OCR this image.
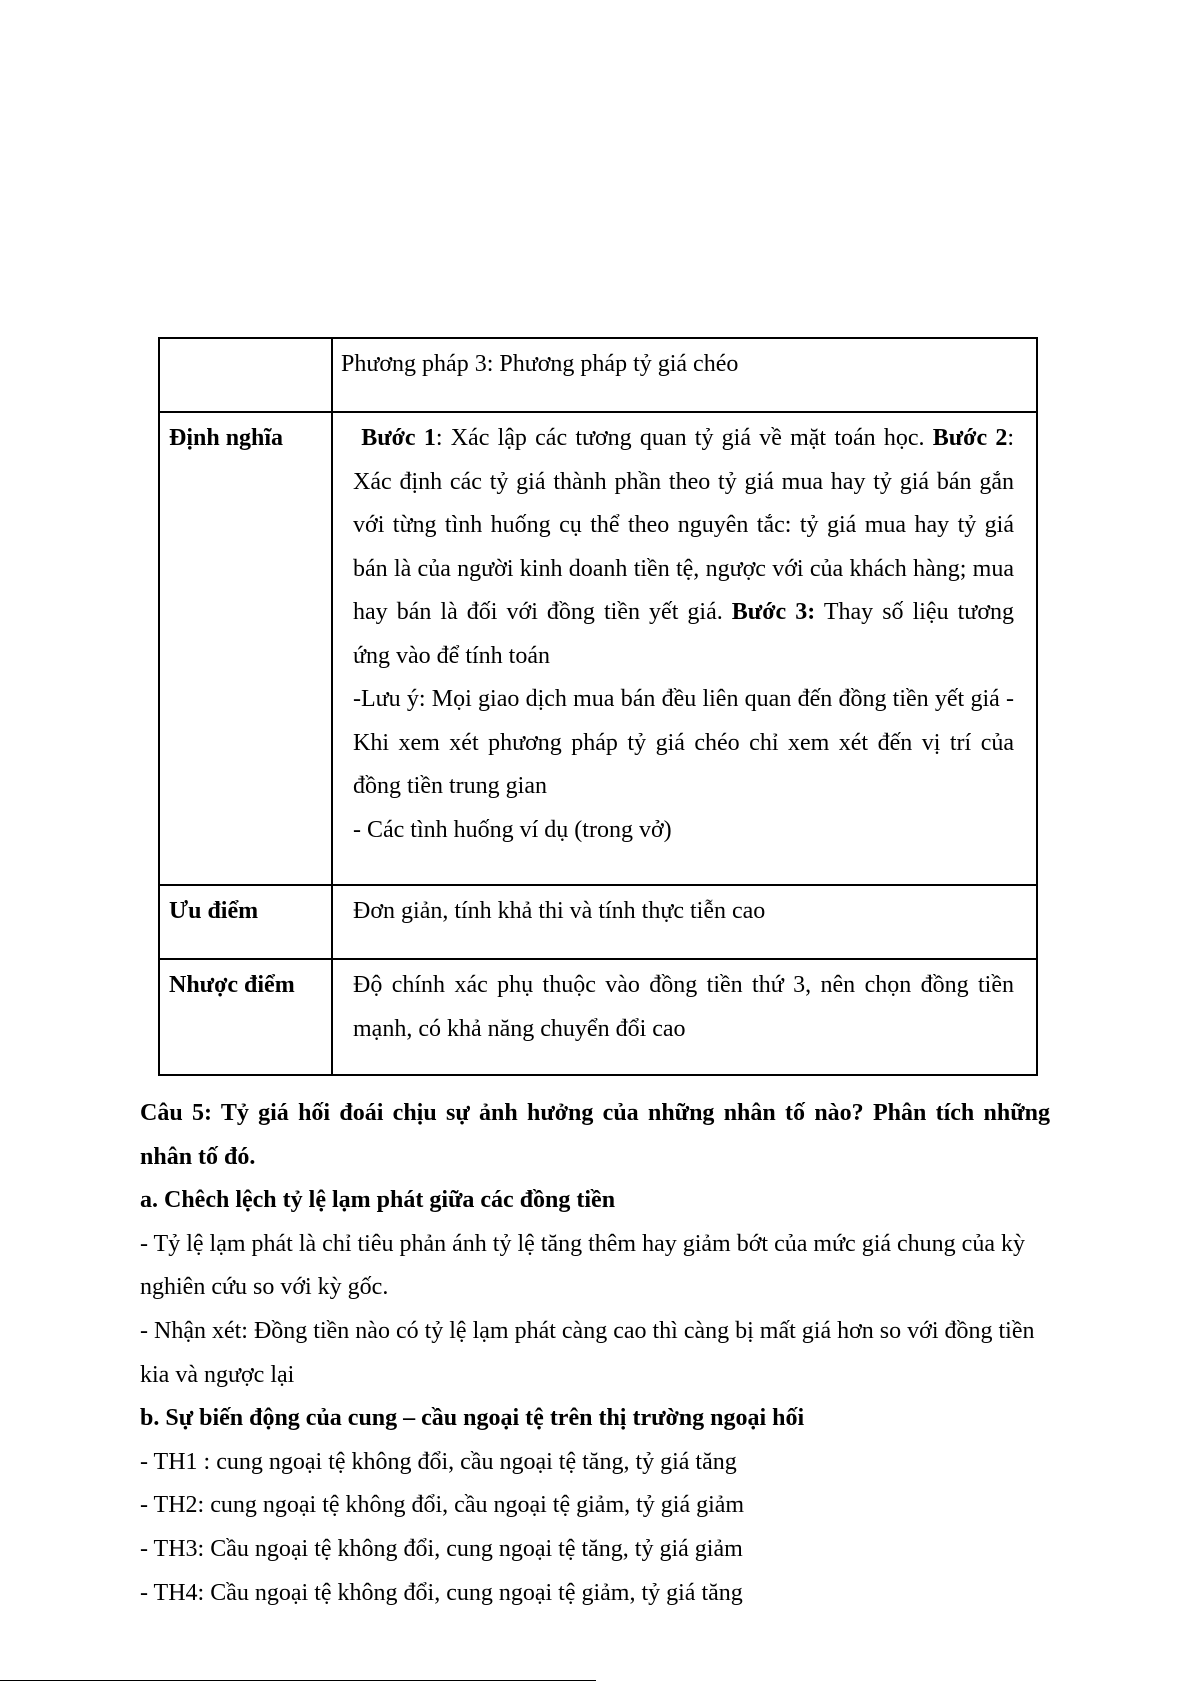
	Phương pháp 3: Phương pháp tỷ giá chéo
Định nghĩa	Bước 1: Xác lập các tương quan tỷ giá về mặt toán học. Bước 2: Xác định các tỷ giá thành phần theo tỷ giá mua hay tỷ giá bán gắn với từng tình huống cụ thể theo nguyên tắc: tỷ giá mua hay tỷ giá bán là của người kinh doanh tiền tệ, ngược với của khách hàng; mua hay bán là đối với đồng tiền yết giá. Bước 3: Thay số liệu tương ứng vào để tính toán

-Lưu ý: Mọi giao dịch mua bán đều liên quan đến đồng tiền yết giá -Khi xem xét phương pháp tỷ giá chéo chỉ xem xét đến vị trí của đồng tiền trung gian

- Các tình huống ví dụ (trong vở)

Ưu điểm	Đơn giản, tính khả thi và tính thực tiễn cao
Nhược điểm	Độ chính xác phụ thuộc vào đồng tiền thứ 3, nên chọn đồng tiền mạnh, có khả năng chuyển đổi cao

Câu 5: Tỷ giá hối đoái chịu sự ảnh hưởng của những nhân tố nào? Phân tích những nhân tố đó.

a. Chêch lệch tỷ lệ lạm phát giữa các đồng tiền

- Tỷ lệ lạm phát là chỉ tiêu phản ánh tỷ lệ tăng thêm hay giảm bớt của mức giá chung của kỳ nghiên cứu so với kỳ gốc.

- Nhận xét: Đồng tiền nào có tỷ lệ lạm phát càng cao thì càng bị mất giá hơn so với đồng tiền kia và ngược lại

b. Sự biến động của cung – cầu ngoại tệ trên thị trường ngoại hối

- TH1 : cung ngoại tệ không đổi, cầu ngoại tệ tăng, tỷ giá tăng

- TH2: cung ngoại tệ không đổi, cầu ngoại tệ giảm, tỷ giá giảm

- TH3: Cầu ngoại tệ không đổi, cung ngoại tệ tăng, tỷ giá giảm

- TH4: Cầu ngoại tệ không đổi, cung ngoại tệ giảm, tỷ giá tăng
